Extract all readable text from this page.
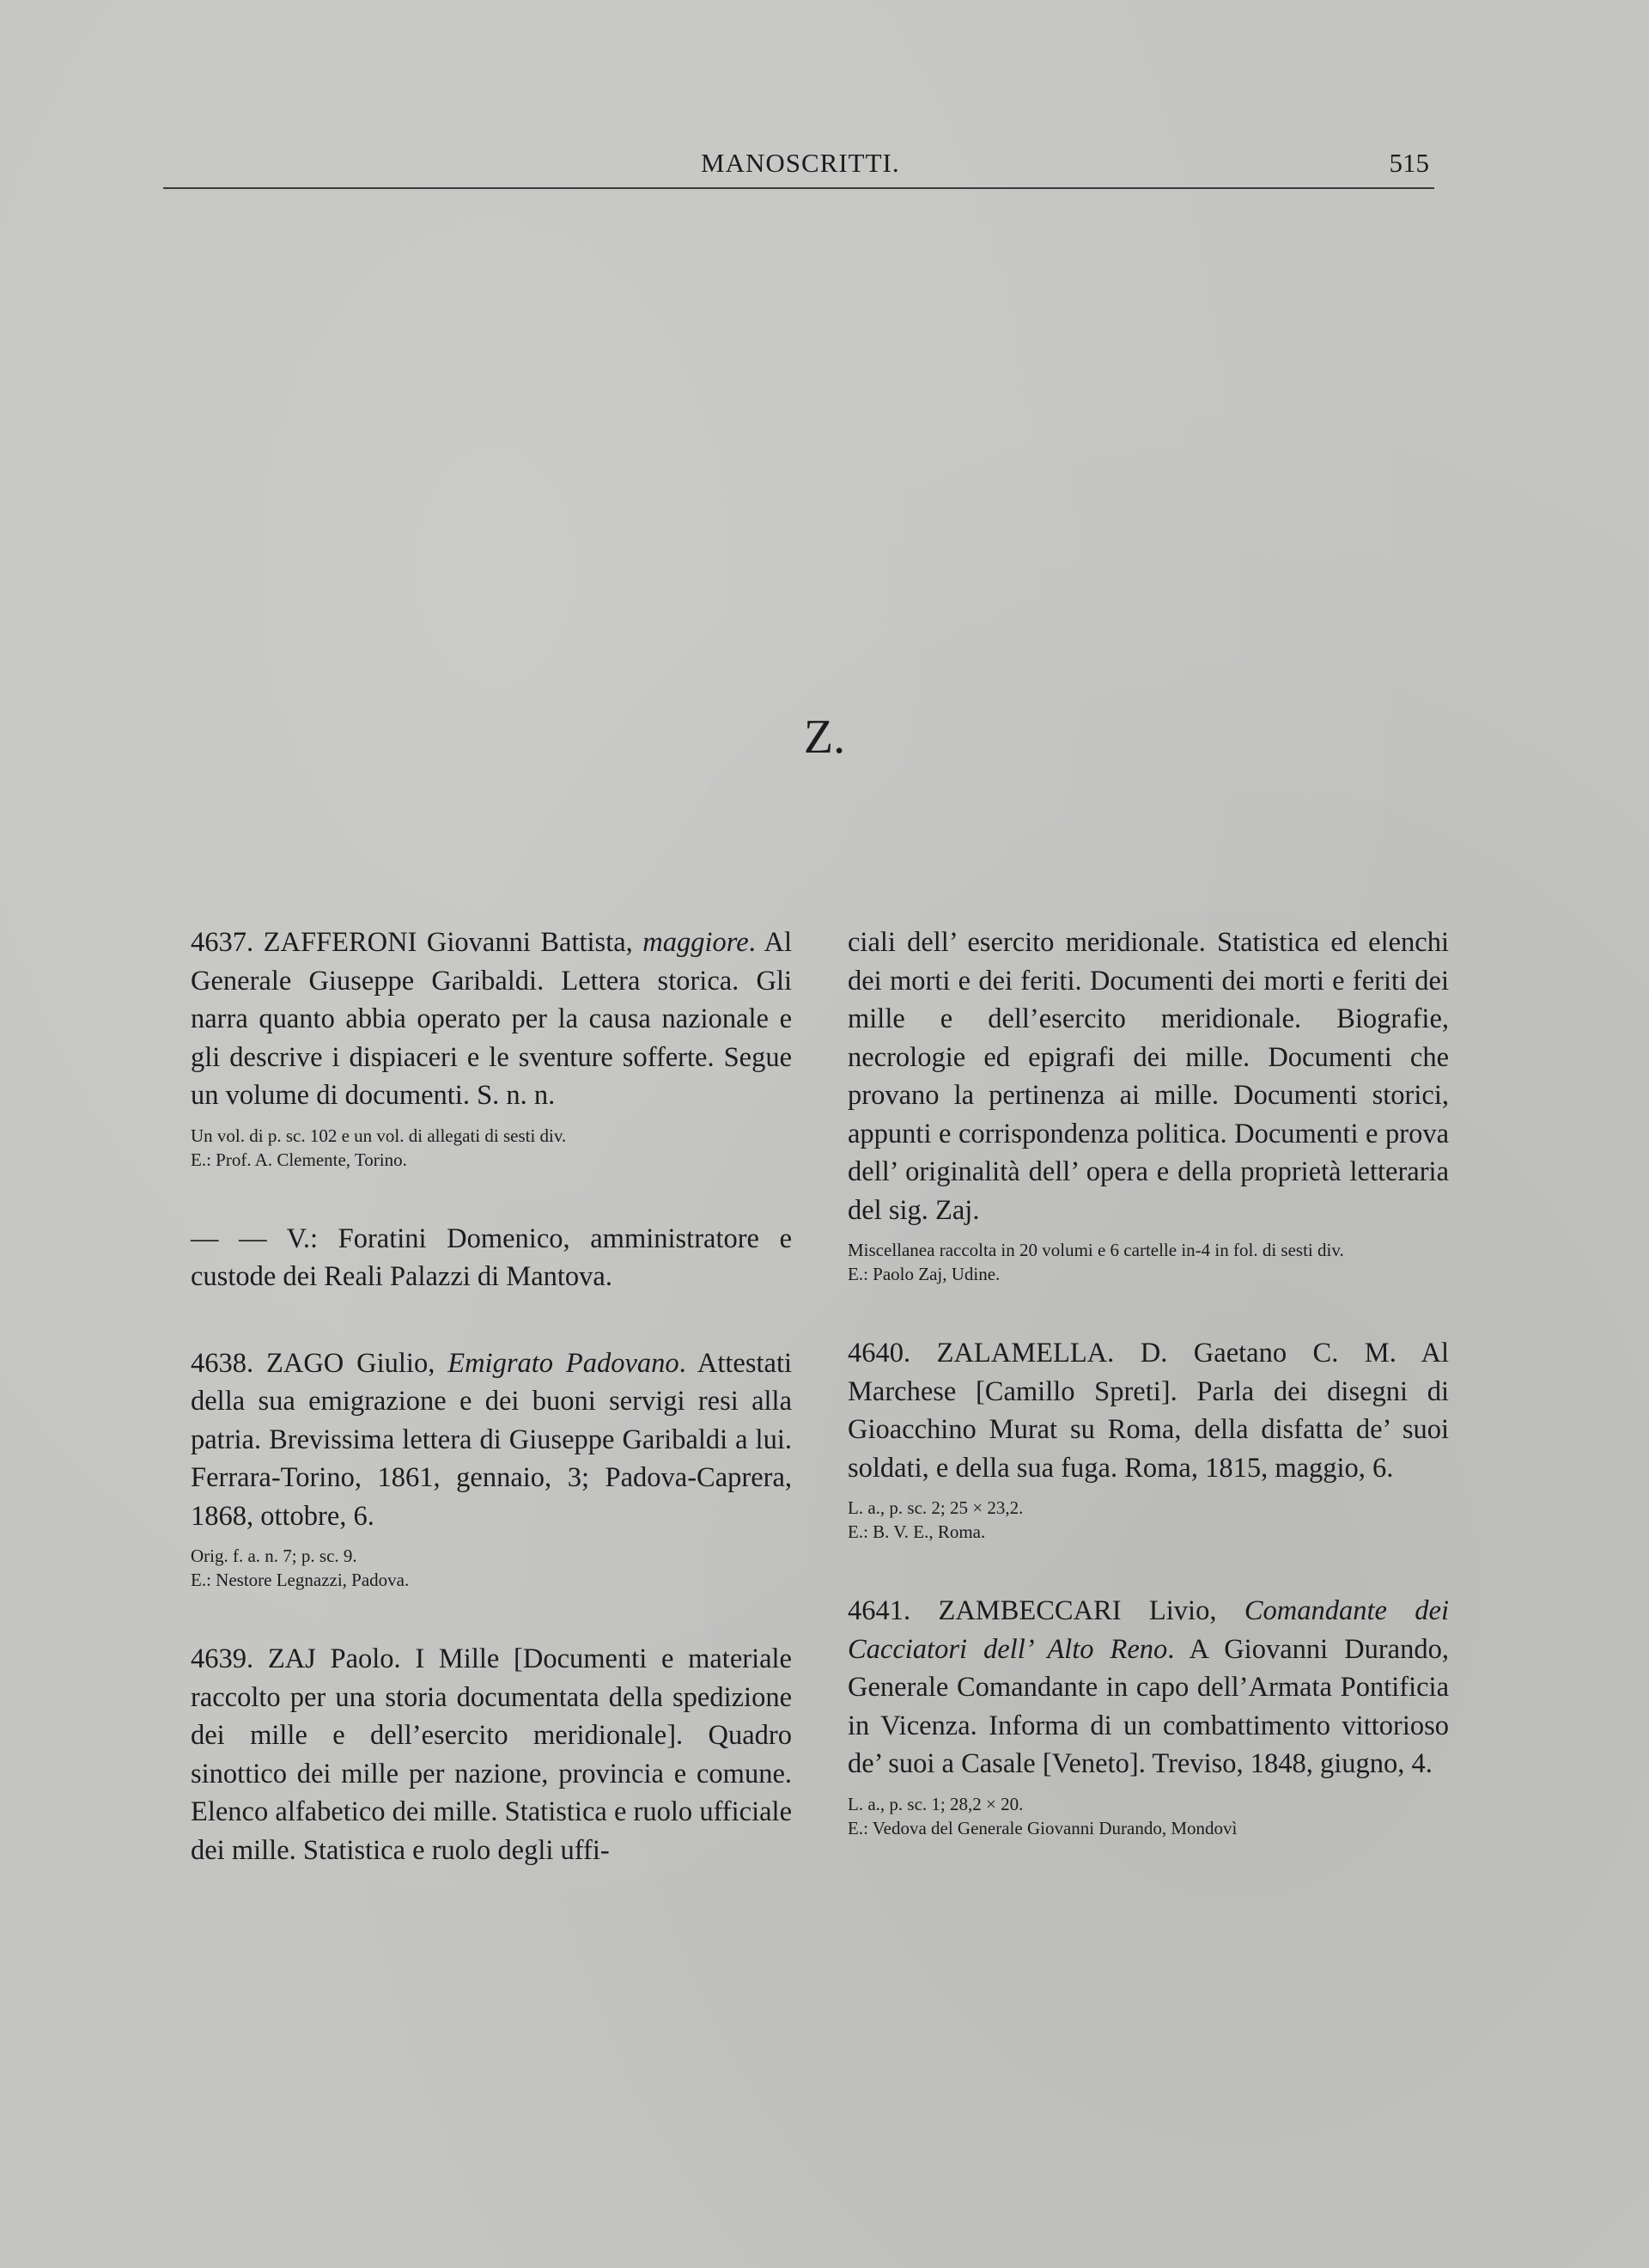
MANOSCRITTI.	515
Z.

4637. ZAFFERONI Giovanni Battista, maggiore. Al Generale Giuseppe Garibaldi. Lettera storica. Gli narra quanto abbia operato per la causa nazionale e gli descrive i dispiaceri e le sventure sofferte. Segue un volume di documenti. S. n. n.

Un vol. di p. sc. 102 e un vol. di allegati di sesti div.
E.: Prof. A. Clemente, Torino.

— — V.: Foratini Domenico, amministratore e custode dei Reali Palazzi di Mantova.

4638. ZAGO Giulio, Emigrato Padovano. Attestati della sua emigrazione e dei buoni servigi resi alla patria. Brevissima lettera di Giuseppe Garibaldi a lui. Ferrara-Torino, 1861, gennaio, 3; Padova-Caprera, 1868, ottobre, 6.

Orig. f. a. n. 7; p. sc. 9.
E.: Nestore Legnazzi, Padova.

4639. ZAJ Paolo. I Mille [Documenti e materiale raccolto per una storia documentata della spedizione dei mille e dell’esercito meridionale]. Quadro sinottico dei mille per nazione, provincia e comune. Elenco alfabetico dei mille. Statistica e ruolo ufficiale dei mille. Statistica e ruolo degli uffi-

ciali dell’ esercito meridionale. Statistica ed elenchi dei morti e dei feriti. Documenti dei morti e feriti dei mille e dell’esercito meridionale. Biografie, necrologie ed epigrafi dei mille. Documenti che provano la pertinenza ai mille. Documenti storici, appunti e corrispondenza politica. Documenti e prova dell’ originalità dell’ opera e della proprietà letteraria del sig. Zaj.

Miscellanea raccolta in 20 volumi e 6 cartelle in-4 in fol. di sesti div.
E.: Paolo Zaj, Udine.

4640. ZALAMELLA. D. Gaetano C. M. Al Marchese [Camillo Spreti]. Parla dei disegni di Gioacchino Murat su Roma, della disfatta de’ suoi soldati, e della sua fuga. Roma, 1815, maggio, 6.

L. a., p. sc. 2; 25 × 23,2.
E.: B. V. E., Roma.

4641. ZAMBECCARI Livio, Comandante dei Cacciatori dell’ Alto Reno. A Giovanni Durando, Generale Comandante in capo dell’Armata Pontificia in Vicenza. Informa di un combattimento vittorioso de’ suoi a Casale [Veneto]. Treviso, 1848, giugno, 4.

L. a., p. sc. 1; 28,2 × 20.
E.: Vedova del Generale Giovanni Durando, Mondovì
